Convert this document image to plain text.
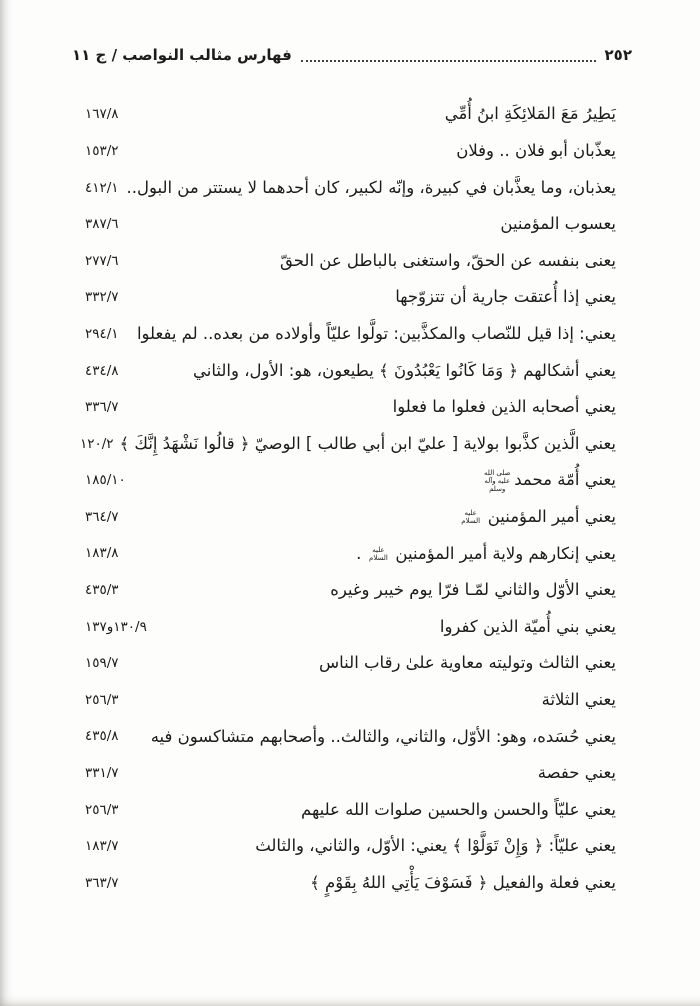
فهارس مثالب النواصب / ج ١١	٢٥٢
يَطِيرُ مَعَ المَلائِكَةِ ابنُ أُمِّي
١٦٧/٨
يعذّبان أبو فلان .. وفلان
١٥٣/٢
يعذبان، وما يعذَّبان في كبيرة، وإنّه لكبير، كان أحدهما لا يستتر من البول..
٤١٢/١
يعسوب المؤمنين
٣٨٧/٦
يعنى بنفسه عن الحقّ، واستغنى بالباطل عن الحقّ
٢٧٧/٦
يعني إذا أُعتقت جارية أن تتزوّجها
٣٣٢/٧
يعني: إذا قيل للنّصاب والمكذَّبين: تولَّوا عليّاً وأولاده من بعده.. لم يفعلوا
٢٩٤/١
يعني أشكالهم ﴿ وَمَا كَانُوا يَعْبُدُونَ ﴾ يطيعون، هو: الأول، والثاني
٤٣٤/٨
يعني أصحابه الذين فعلوا ما فعلوا
٣٣٦/٧
يعني الَّذين كذَّبوا بولاية [ عليّ ابن أبي طالب ] الوصيّ ﴿ قالُوا نَشْهَدُ إِنَّكَ ﴾
١٢٠/٢
يعني أُمّة محمد
صلى الله عليه وآله وسلم
١٨٥/١٠
يعني أمير المؤمنين
عليه السلام
٣٦٤/٧
يعني إنكارهم ولاية أمير المؤمنين
عليه السلام
.
١٨٣/٨
يعني الأوّل والثاني لمّـا فرّا يوم خيبر وغيره
٤٣٥/٣
يعني بني أُميّة الذين كفروا
١٣٠/٩و١٣٧
يعني الثالث وتوليته معاوية علىٰ رقاب الناس
١٥٩/٧
يعني الثلاثة
٢٥٦/٣
يعني حُسَده، وهو: الأوّل، والثاني، والثالث.. وأصحابهم متشاكسون فيه
٤٣٥/٨
يعني حفصة
٣٣١/٧
يعني عليّاً والحسن والحسين صلوات الله عليهم
٢٥٦/٣
يعني عليّاً: ﴿ وَإِنْ تَوَلَّوْا ﴾ يعني: الأوّل، والثاني، والثالث
١٨٣/٧
يعني فعلة والفعيل ﴿ فَسَوْفَ يَأْتِي اللهُ بِقَوْمٍ ﴾
٣٦٣/٧
